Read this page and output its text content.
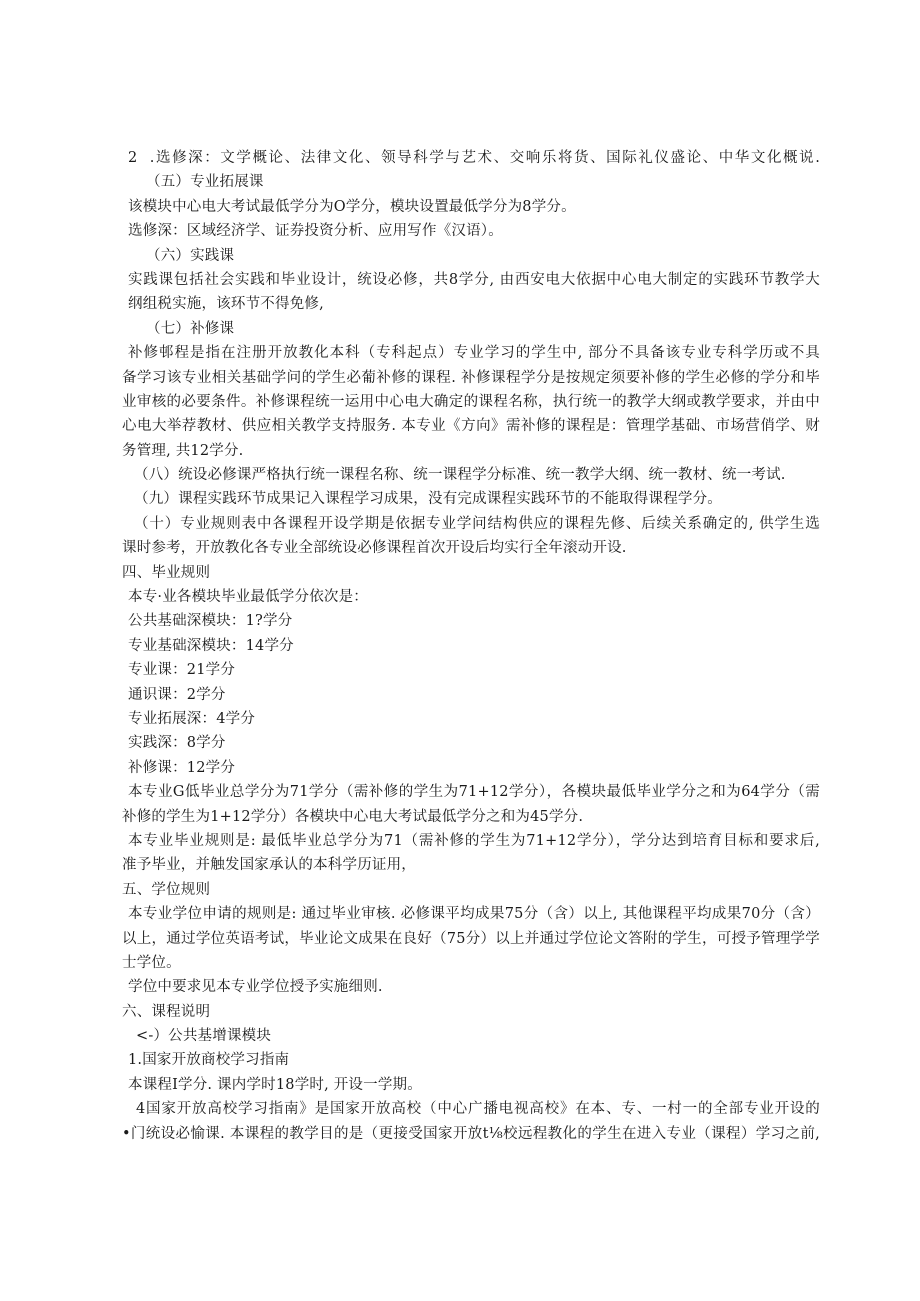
2  .选修深：文学概论、法律文化、领导科学与艺术、交响乐将货、国际礼仪盛论、中华文化概说.
（五）专业拓展课
该模块中心电大考试最低学分为O学分，模块设置最低学分为8学分。
选修深：区域经济学、证券投资分析、应用写作《汉语）。
（六）实践课
实践课包括社会实践和毕业设计，统设必修，共8学分, 由西安电大依据中心电大制定的实践环节教学大
纲组税实施，该环节不得免修,
（七）补修课
补修邨程是指在注册开放教化本科（专科起点）专业学习的学生中, 部分不具备该专业专科学历或不具
备学习该专业相关基础学问的学生必葡补修的课程. 补修课程学分是按规定须要补修的学生必修的学分和毕
业审核的必要条件。补修课程统一运用中心电大确定的课程名称，执行统一的教学大纲或教学要求，并由中
心电大举荐教材、供应相关教学支持服务. 本专业《方向》需补修的课程是：管理学基础、市场营俏学、财
务管理, 共12学分.
（八）统设必修课严格执行统一课程名称、统一课程学分标准、统一教学大纲、统一教材、统一考试.
（九）课程实践环节成果记入课程学习成果，没有完成课程实践环节的不能取得课程学分。
（十）专业规则表中各课程开设学期是依据专业学问结构供应的课程先修、后续关系确定的, 供学生选
课时参考，开放教化各专业全部统设必修课程首次开设后均实行全年滚动开设.
四、毕业规则
本专·业各模块毕业最低学分依次是：
公共基础深模块：1?学分
专业基础深模块：14学分
专业课：21学分
通识课：2学分
专业拓展深：4学分
实践深：8学分
补修课：12学分
本专业G低毕业总学分为71学分（需补修的学生为71+12学分），各模块最低毕业学分之和为64学分（需
补修的学生为1+12学分）各模块中心电大考试最低学分之和为45学分.
本专业毕业规则是: 最低毕业总学分为71（需补修的学生为71+12学分），学分达到培育目标和要求后,
准予毕业，并触发国家承认的本科学历证用，
五、学位规则
本专业学位申请的规则是: 通过毕业审核. 必修课平均成果75分（含）以上, 其他课程平均成果70分（含）
以上，通过学位英语考试，毕业论文成果在良好（75分）以上并通过学位论文答附的学生，可授予管理学学
士学位。
学位中要求见本专业学位授予实施细则.
六、课程说明
<-）公共基增课模块
1.国家开放商校学习指南
本课程I学分. 课内学时18学时, 开设一学期。
4国家开放高校学习指南》是国家开放高校（中心广播电视高校》在本、专、一村一的全部专业开设的
•门统设必愉课. 本课程的教学目的是（更接受国家开放t⅛校远程教化的学生在进入专业（课程）学习之前,
